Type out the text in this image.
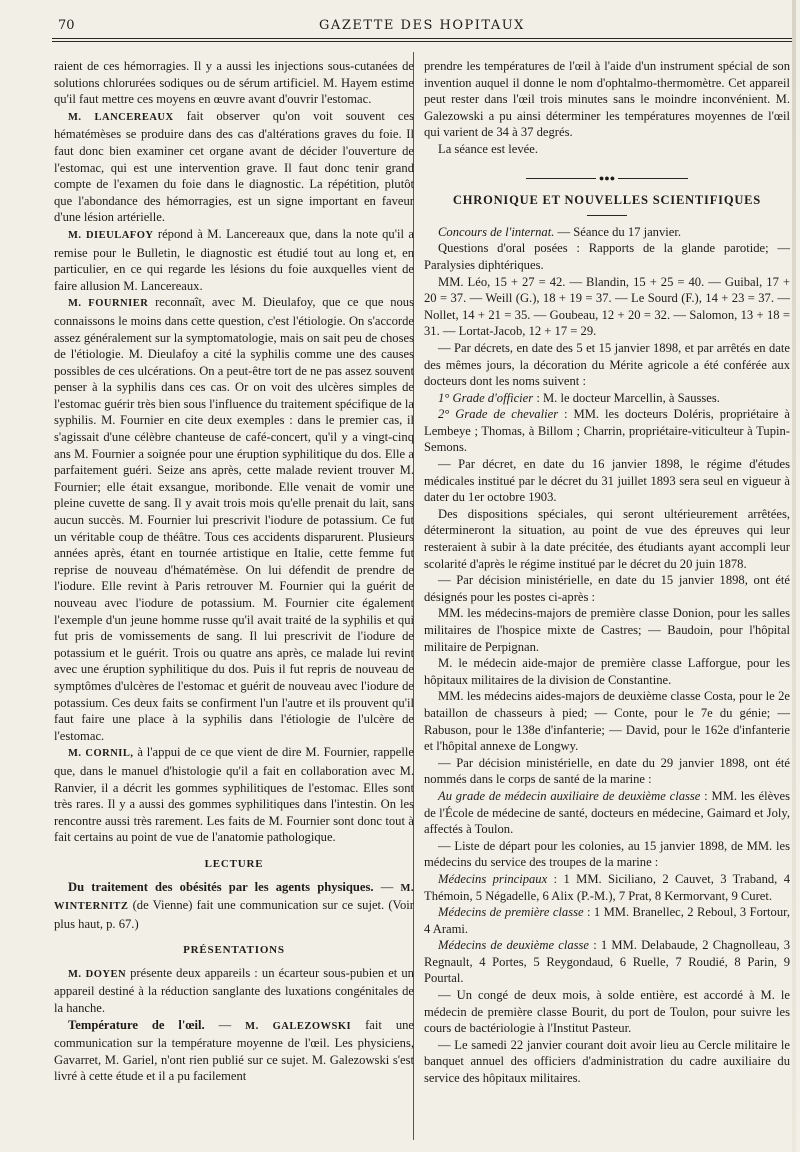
70	GAZETTE DES HOPITAUX

raient de ces hémorragies. Il y a aussi les injections sous-cutanées de solutions chlorurées sodiques ou de sérum artificiel. M. Hayem estime qu'il faut mettre ces moyens en œuvre avant d'ouvrir l'estomac.

M. LANCEREAUX fait observer qu'on voit souvent ces hématémèses se produire dans des cas d'altérations graves du foie. Il faut donc bien examiner cet organe avant de décider l'ouverture de l'estomac, qui est une intervention grave. Il faut donc tenir grand compte de l'examen du foie dans le diagnostic. La répétition, plutôt que l'abondance des hémorragies, est un signe important en faveur d'une lésion artérielle.

M. DIEULAFOY répond à M. Lancereaux que, dans la note qu'il a remise pour le Bulletin, le diagnostic est étudié tout au long et, en particulier, en ce qui regarde les lésions du foie auxquelles vient de faire allusion M. Lancereaux.

M. FOURNIER reconnaît, avec M. Dieulafoy, que ce que nous connaissons le moins dans cette question, c'est l'étiologie. On s'accorde assez généralement sur la symptomatologie, mais on sait peu de choses de l'étiologie. M. Dieulafoy a cité la syphilis comme une des causes possibles de ces ulcérations. On a peut-être tort de ne pas assez souvent penser à la syphilis dans ces cas. Or on voit des ulcères simples de l'estomac guérir très bien sous l'influence du traitement spécifique de la syphilis. M. Fournier en cite deux exemples : dans le premier cas, il s'agissait d'une célèbre chanteuse de café-concert, qu'il y a vingt-cinq ans M. Fournier a soignée pour une éruption syphilitique du dos. Elle a parfaitement guéri. Seize ans après, cette malade revient trouver M. Fournier; elle était exsangue, moribonde. Elle venait de vomir une pleine cuvette de sang. Il y avait trois mois qu'elle prenait du lait, sans aucun succès. M. Fournier lui prescrivit l'iodure de potassium. Ce fut un véritable coup de théâtre. Tous ces accidents disparurent. Plusieurs années après, étant en tournée artistique en Italie, cette femme fut reprise de nouveau d'hématémèse. On lui défendit de prendre de l'iodure. Elle revint à Paris retrouver M. Fournier qui la guérit de nouveau avec l'iodure de potassium. M. Fournier cite également l'exemple d'un jeune homme russe qu'il avait traité de la syphilis et qui fut pris de vomissements de sang. Il lui prescrivit de l'iodure de potassium et le guérit. Trois ou quatre ans après, ce malade lui revint avec une éruption syphilitique du dos. Puis il fut repris de nouveau de symptômes d'ulcères de l'estomac et guérit de nouveau avec l'iodure de potassium. Ces deux faits se confirment l'un l'autre et ils prouvent qu'il faut faire une place à la syphilis dans l'étiologie de l'ulcère de l'estomac.

M. CORNIL, à l'appui de ce que vient de dire M. Fournier, rappelle que, dans le manuel d'histologie qu'il a fait en collaboration avec M. Ranvier, il a décrit les gommes syphilitiques de l'estomac. Elles sont très rares. Il y a aussi des gommes syphilitiques dans l'intestin. On les rencontre aussi très rarement. Les faits de M. Fournier sont donc tout à fait certains au point de vue de l'anatomie pathologique.

LECTURE

Du traitement des obésités par les agents physiques. — M. WINTERNITZ (de Vienne) fait une communication sur ce sujet. (Voir plus haut, p. 67.)

PRÉSENTATIONS

M. DOYEN présente deux appareils : un écarteur sous-pubien et un appareil destiné à la réduction sanglante des luxations congénitales de la hanche.

Température de l'œil. — M. GALEZOWSKI fait une communication sur la température moyenne de l'œil. Les physiciens, Gavarret, M. Gariel, n'ont rien publié sur ce sujet. M. Galezowski s'est livré à cette étude et il a pu facilement

prendre les températures de l'œil à l'aide d'un instrument spécial de son invention auquel il donne le nom d'ophtalmo-thermomètre. Cet appareil peut rester dans l'œil trois minutes sans le moindre inconvénient. M. Galezowski a pu ainsi déterminer les températures moyennes de l'œil qui varient de 34 à 37 degrés.

La séance est levée.

●●●
CHRONIQUE ET NOUVELLES SCIENTIFIQUES

Concours de l'internat. — Séance du 17 janvier.

Questions d'oral posées : Rapports de la glande parotide; — Paralysies diphtériques.

MM. Léo, 15 + 27 = 42. — Blandin, 15 + 25 = 40. — Guibal, 17 + 20 = 37. — Weill (G.), 18 + 19 = 37. — Le Sourd (F.), 14 + 23 = 37. — Nollet, 14 + 21 = 35. — Goubeau, 12 + 20 = 32. — Salomon, 13 + 18 = 31. — Lortat-Jacob, 12 + 17 = 29.

— Par décrets, en date des 5 et 15 janvier 1898, et par arrêtés en date des mêmes jours, la décoration du Mérite agricole a été conférée aux docteurs dont les noms suivent :

1° Grade d'officier : M. le docteur Marcellin, à Sausses.

2° Grade de chevalier : MM. les docteurs Doléris, propriétaire à Lembeye ; Thomas, à Billom ; Charrin, propriétaire-viticulteur à Tupin-Semons.

— Par décret, en date du 16 janvier 1898, le régime d'études médicales institué par le décret du 31 juillet 1893 sera seul en vigueur à dater du 1er octobre 1903.

Des dispositions spéciales, qui seront ultérieurement arrêtées, détermineront la situation, au point de vue des épreuves qui leur resteraient à subir à la date précitée, des étudiants ayant accompli leur scolarité d'après le régime institué par le décret du 20 juin 1878.

— Par décision ministérielle, en date du 15 janvier 1898, ont été désignés pour les postes ci-après :

MM. les médecins-majors de première classe Donion, pour les salles militaires de l'hospice mixte de Castres; — Baudoin, pour l'hôpital militaire de Perpignan.

M. le médecin aide-major de première classe Lafforgue, pour les hôpitaux militaires de la division de Constantine.

MM. les médecins aides-majors de deuxième classe Costa, pour le 2e bataillon de chasseurs à pied; — Conte, pour le 7e du génie; — Rabuson, pour le 138e d'infanterie; — David, pour le 162e d'infanterie et l'hôpital annexe de Longwy.

— Par décision ministérielle, en date du 29 janvier 1898, ont été nommés dans le corps de santé de la marine :

Au grade de médecin auxiliaire de deuxième classe : MM. les élèves de l'École de médecine de santé, docteurs en médecine, Gaimard et Joly, affectés à Toulon.

— Liste de départ pour les colonies, au 15 janvier 1898, de MM. les médecins du service des troupes de la marine :

Médecins principaux : 1 MM. Siciliano, 2 Cauvet, 3 Traband, 4 Thémoin, 5 Négadelle, 6 Alix (P.-M.), 7 Prat, 8 Kermorvant, 9 Curet.

Médecins de première classe : 1 MM. Branellec, 2 Reboul, 3 Fortour, 4 Arami.

Médecins de deuxième classe : 1 MM. Delabaude, 2 Chagnolleau, 3 Regnault, 4 Portes, 5 Reygondaud, 6 Ruelle, 7 Roudié, 8 Parin, 9 Pourtal.

— Un congé de deux mois, à solde entière, est accordé à M. le médecin de première classe Bourit, du port de Toulon, pour suivre les cours de bactériologie à l'Institut Pasteur.

— Le samedi 22 janvier courant doit avoir lieu au Cercle militaire le banquet annuel des officiers d'administration du cadre auxiliaire du service des hôpitaux militaires.
